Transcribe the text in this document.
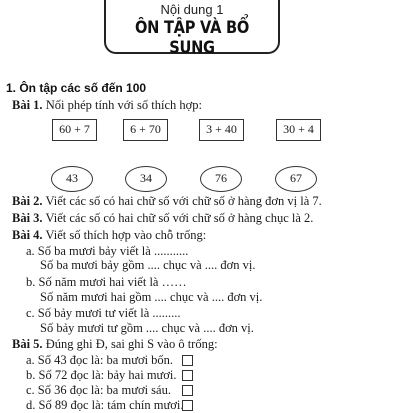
Nội dung 1
ÔN TẬP VÀ BỔ SUNG
1. Ôn tập các số đến 100
Bài 1. Nối phép tính với số thích hợp:
60 + 7	6 + 70	3 + 40	30 + 4
43	34	76	67
Bài 2. Viết các số có hai chữ số với chữ số ở hàng đơn vị là 7.
Bài 3. Viết các số có hai chữ số với chữ số ở hàng chục là 2.
Bài 4. Viết số thích hợp vào chỗ trống:
a. Số ba mươi bảy viết là ...........
Số ba mươi bảy gồm .... chục và .... đơn vị.
b. Số năm mươi hai viết là ……
Số năm mươi hai gồm .... chục và .... đơn vị.
c. Số bảy mươi tư viết là .........
Số bảy mươi tư gồm .... chục và .... đơn vị.
Bài 5. Đúng ghi Đ, sai ghi S vào ô trống:
a. Số 43 đọc là: ba mươi bốn.
b. Số 72 đọc là: bảy hai mươi.
c. Số 36 đọc là: ba mươi sáu.
d. Số 89 đọc là: tám chín mươi.
